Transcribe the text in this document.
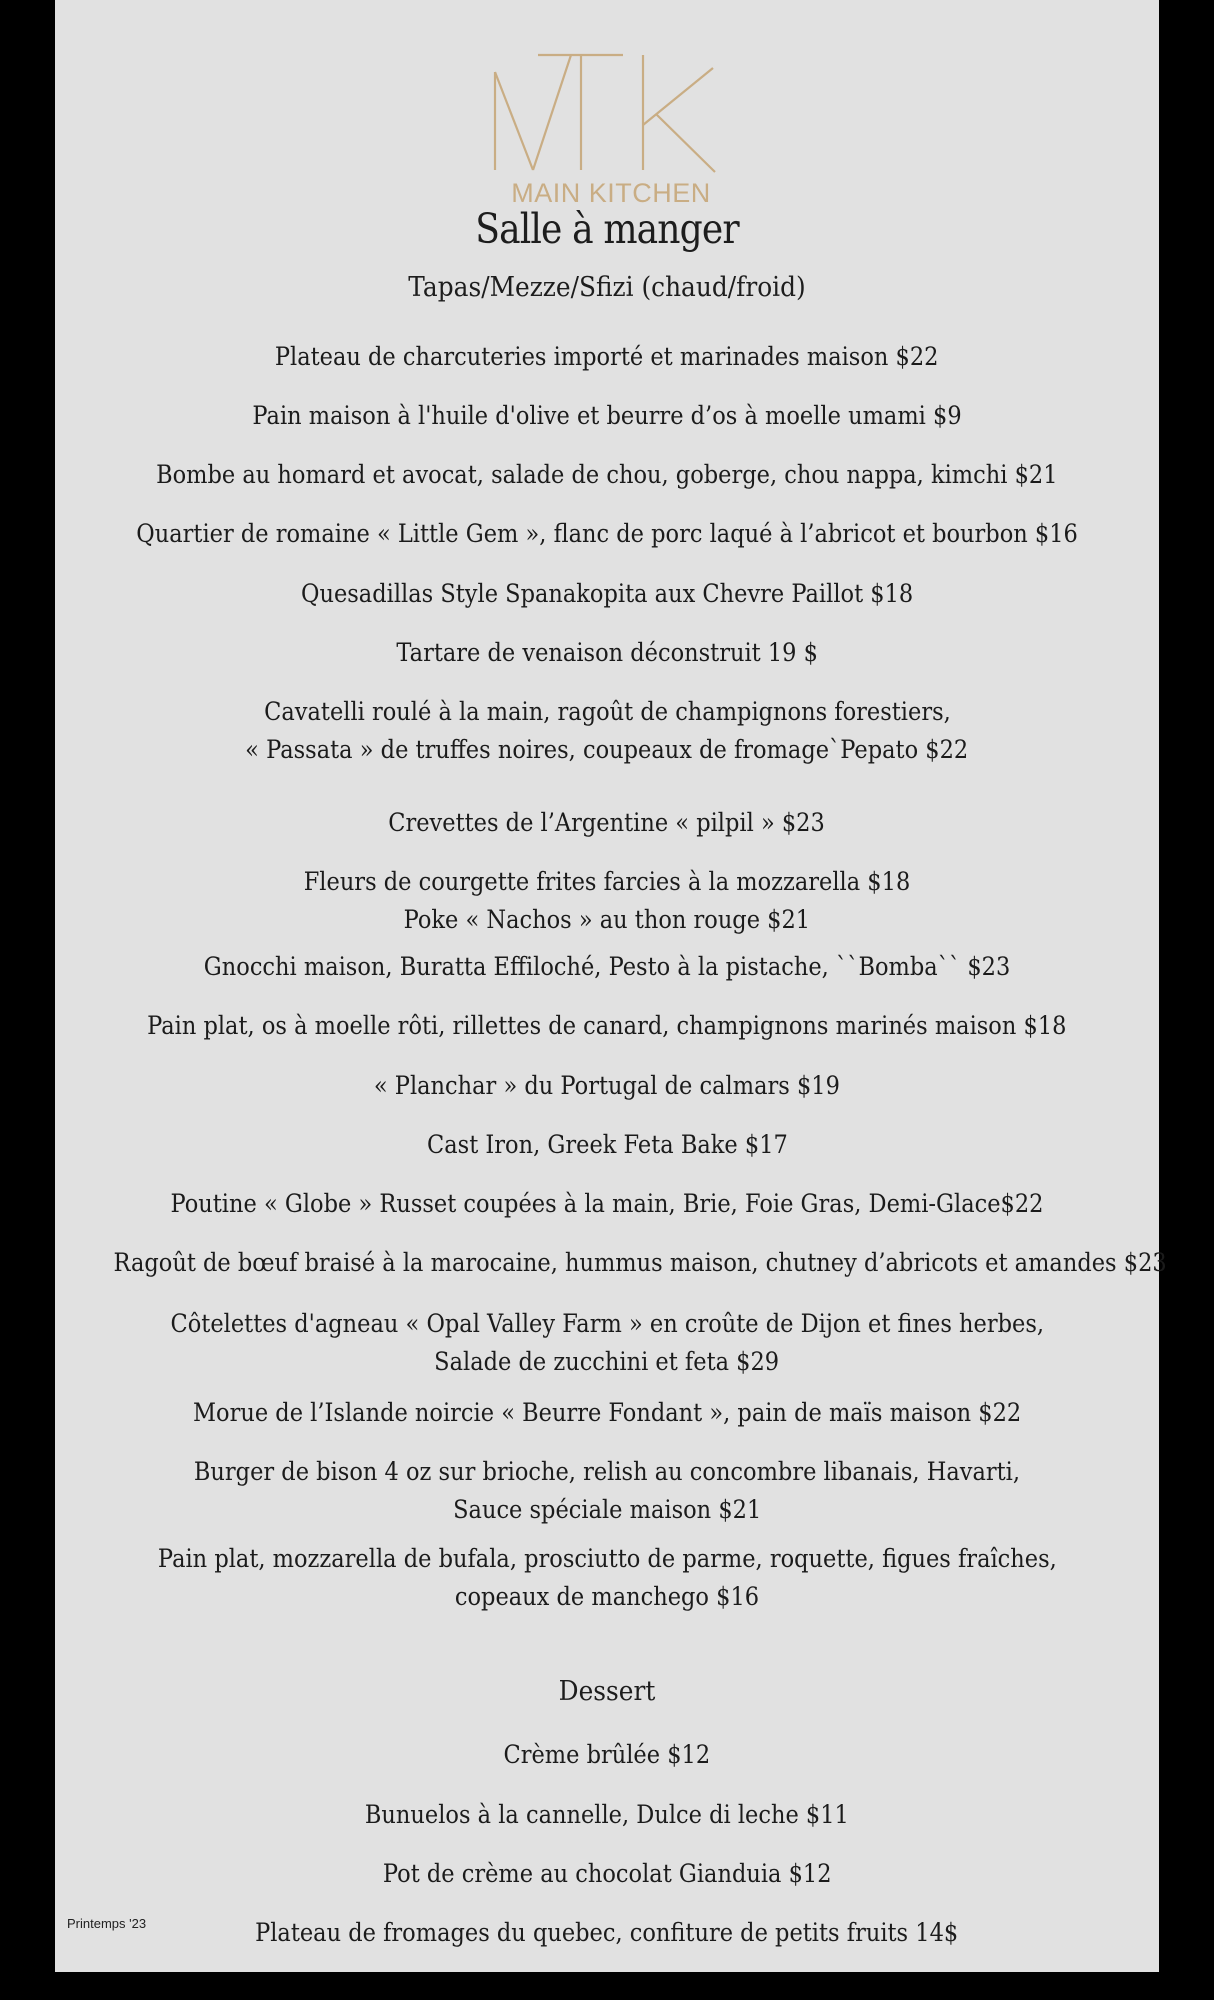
MAIN KITCHEN
Salle à manger
Tapas/Mezze/Sfizi (chaud/froid)
Plateau de charcuteries importé et marinades maison $22
Pain maison à l'huile d'olive et beurre d’os à moelle umami $9
Bombe au homard et avocat, salade de chou, goberge, chou nappa, kimchi $21
Quartier de romaine « Little Gem », flanc de porc laqué à l’abricot et bourbon $16
Quesadillas Style Spanakopita aux Chevre Paillot $18
Tartare de venaison déconstruit 19 $
Cavatelli roulé à la main, ragoût de champignons forestiers,
« Passata » de truffes noires, coupeaux de fromage`Pepato $22
Crevettes de l’Argentine « pilpil » $23
Fleurs de courgette frites farcies à la mozzarella $18
Poke « Nachos » au thon rouge $21
Gnocchi maison, Buratta Effiloché, Pesto à la pistache, ``Bomba`` $23
Pain plat, os à moelle rôti, rillettes de canard, champignons marinés maison $18
« Planchar » du Portugal de calmars $19
Cast Iron, Greek Feta Bake $17
Poutine « Globe » Russet coupées à la main, Brie, Foie Gras, Demi-Glace$22
Ragoût de bœuf braisé à la marocaine, hummus maison, chutney d’abricots et amandes $23
Côtelettes d'agneau « Opal Valley Farm » en croûte de Dijon et fines herbes,
Salade de zucchini et feta $29
Morue de l’Islande noircie « Beurre Fondant », pain de maïs maison $22
Burger de bison 4 oz sur brioche, relish au concombre libanais, Havarti,
Sauce spéciale maison $21
Pain plat, mozzarella de bufala, prosciutto de parme, roquette, figues fraîches,
copeaux de manchego $16
Dessert
Crème brûlée $12
Bunuelos à la cannelle, Dulce di leche $11
Pot de crème au chocolat Gianduia $12
Plateau de fromages du quebec, confiture de petits fruits 14$
Printemps '23
